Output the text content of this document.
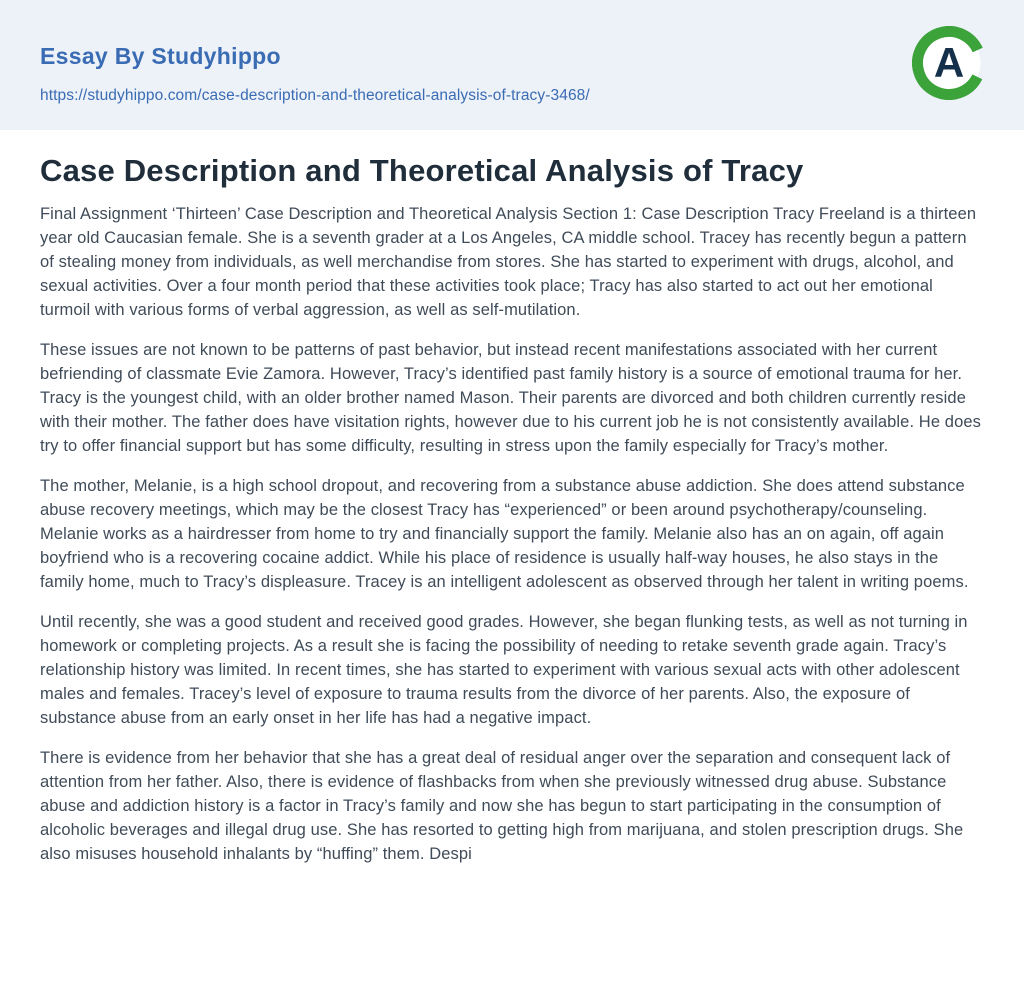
Essay By Studyhippo
https://studyhippo.com/case-description-and-theoretical-analysis-of-tracy-3468/
A
Case Description and Theoretical Analysis of Tracy

Final Assignment ‘Thirteen’ Case Description and Theoretical Analysis Section 1: Case Description Tracy Freeland is a thirteen year old Caucasian female. She is a seventh grader at a Los Angeles, CA middle school. Tracey has recently begun a pattern of stealing money from individuals, as well merchandise from stores. She has started to experiment with drugs, alcohol, and sexual activities. Over a four month period that these activities took place; Tracy has also started to act out her emotional turmoil with various forms of verbal aggression, as well as self-mutilation.

These issues are not known to be patterns of past behavior, but instead recent manifestations associated with her current befriending of classmate Evie Zamora. However, Tracy’s identified past family history is a source of emotional trauma for her. Tracy is the youngest child, with an older brother named Mason. Their parents are divorced and both children currently reside with their mother. The father does have visitation rights, however due to his current job he is not consistently available. He does try to offer financial support but has some difficulty, resulting in stress upon the family especially for Tracy’s mother.

The mother, Melanie, is a high school dropout, and recovering from a substance abuse addiction. She does attend substance abuse recovery meetings, which may be the closest Tracy has “experienced” or been around psychotherapy/counseling. Melanie works as a hairdresser from home to try and financially support the family. Melanie also has an on again, off again boyfriend who is a recovering cocaine addict. While his place of residence is usually half-way houses, he also stays in the family home, much to Tracy’s displeasure. Tracey is an intelligent adolescent as observed through her talent in writing poems.

Until recently, she was a good student and received good grades. However, she began flunking tests, as well as not turning in homework or completing projects. As a result she is facing the possibility of needing to retake seventh grade again. Tracy’s relationship history was limited. In recent times, she has started to experiment with various sexual acts with other adolescent males and females. Tracey’s level of exposure to trauma results from the divorce of her parents. Also, the exposure of substance abuse from an early onset in her life has had a negative impact.

There is evidence from her behavior that she has a great deal of residual anger over the separation and consequent lack of attention from her father. Also, there is evidence of flashbacks from when she previously witnessed drug abuse. Substance abuse and addiction history is a factor in Tracy’s family and now she has begun to start participating in the consumption of alcoholic beverages and illegal drug use. She has resorted to getting high from marijuana, and stolen prescription drugs. She also misuses household inhalants by “huffing” them. Despi
